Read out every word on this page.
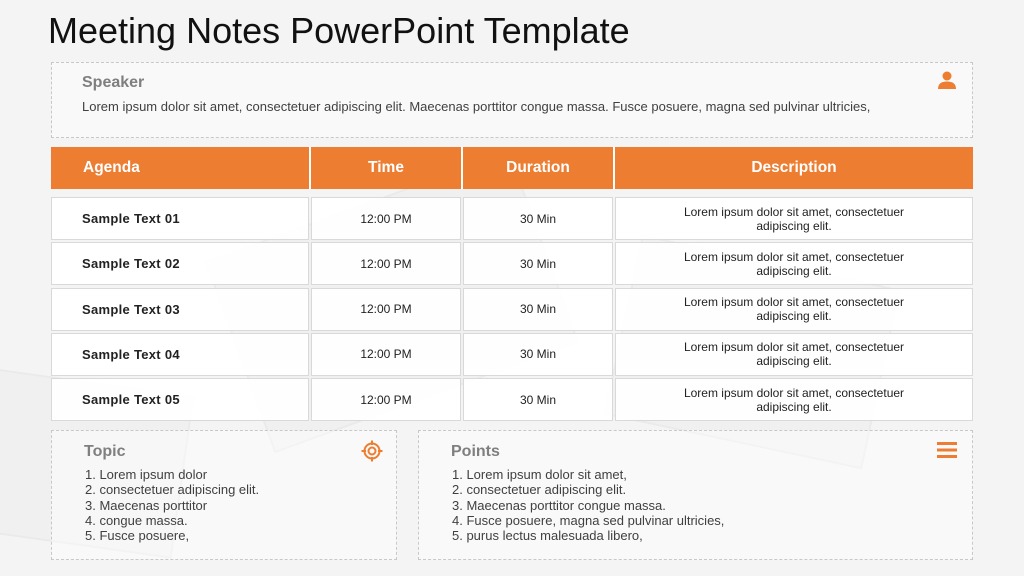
Meeting Notes PowerPoint Template
Speaker
Lorem ipsum dolor sit amet, consectetuer adipiscing elit. Maecenas porttitor congue massa. Fusce posuere, magna sed pulvinar ultricies,
Agenda	Time	Duration	Description
Sample Text 01	12:00 PM	30 Min	Lorem ipsum dolor sit amet, consectetuer adipiscing elit.
Sample Text 02	12:00 PM	30 Min	Lorem ipsum dolor sit amet, consectetuer adipiscing elit.
Sample Text 03	12:00 PM	30 Min	Lorem ipsum dolor sit amet, consectetuer adipiscing elit.
Sample Text 04	12:00 PM	30 Min	Lorem ipsum dolor sit amet, consectetuer adipiscing elit.
Sample Text 05	12:00 PM	30 Min	Lorem ipsum dolor sit amet, consectetuer adipiscing elit.
Topic
1. Lorem ipsum dolor
2. consectetuer adipiscing elit.
3. Maecenas porttitor
4. congue massa.
5. Fusce posuere,
Points
1. Lorem ipsum dolor sit amet,
2. consectetuer adipiscing elit.
3. Maecenas porttitor congue massa.
4. Fusce posuere, magna sed pulvinar ultricies,
5. purus lectus malesuada libero,
